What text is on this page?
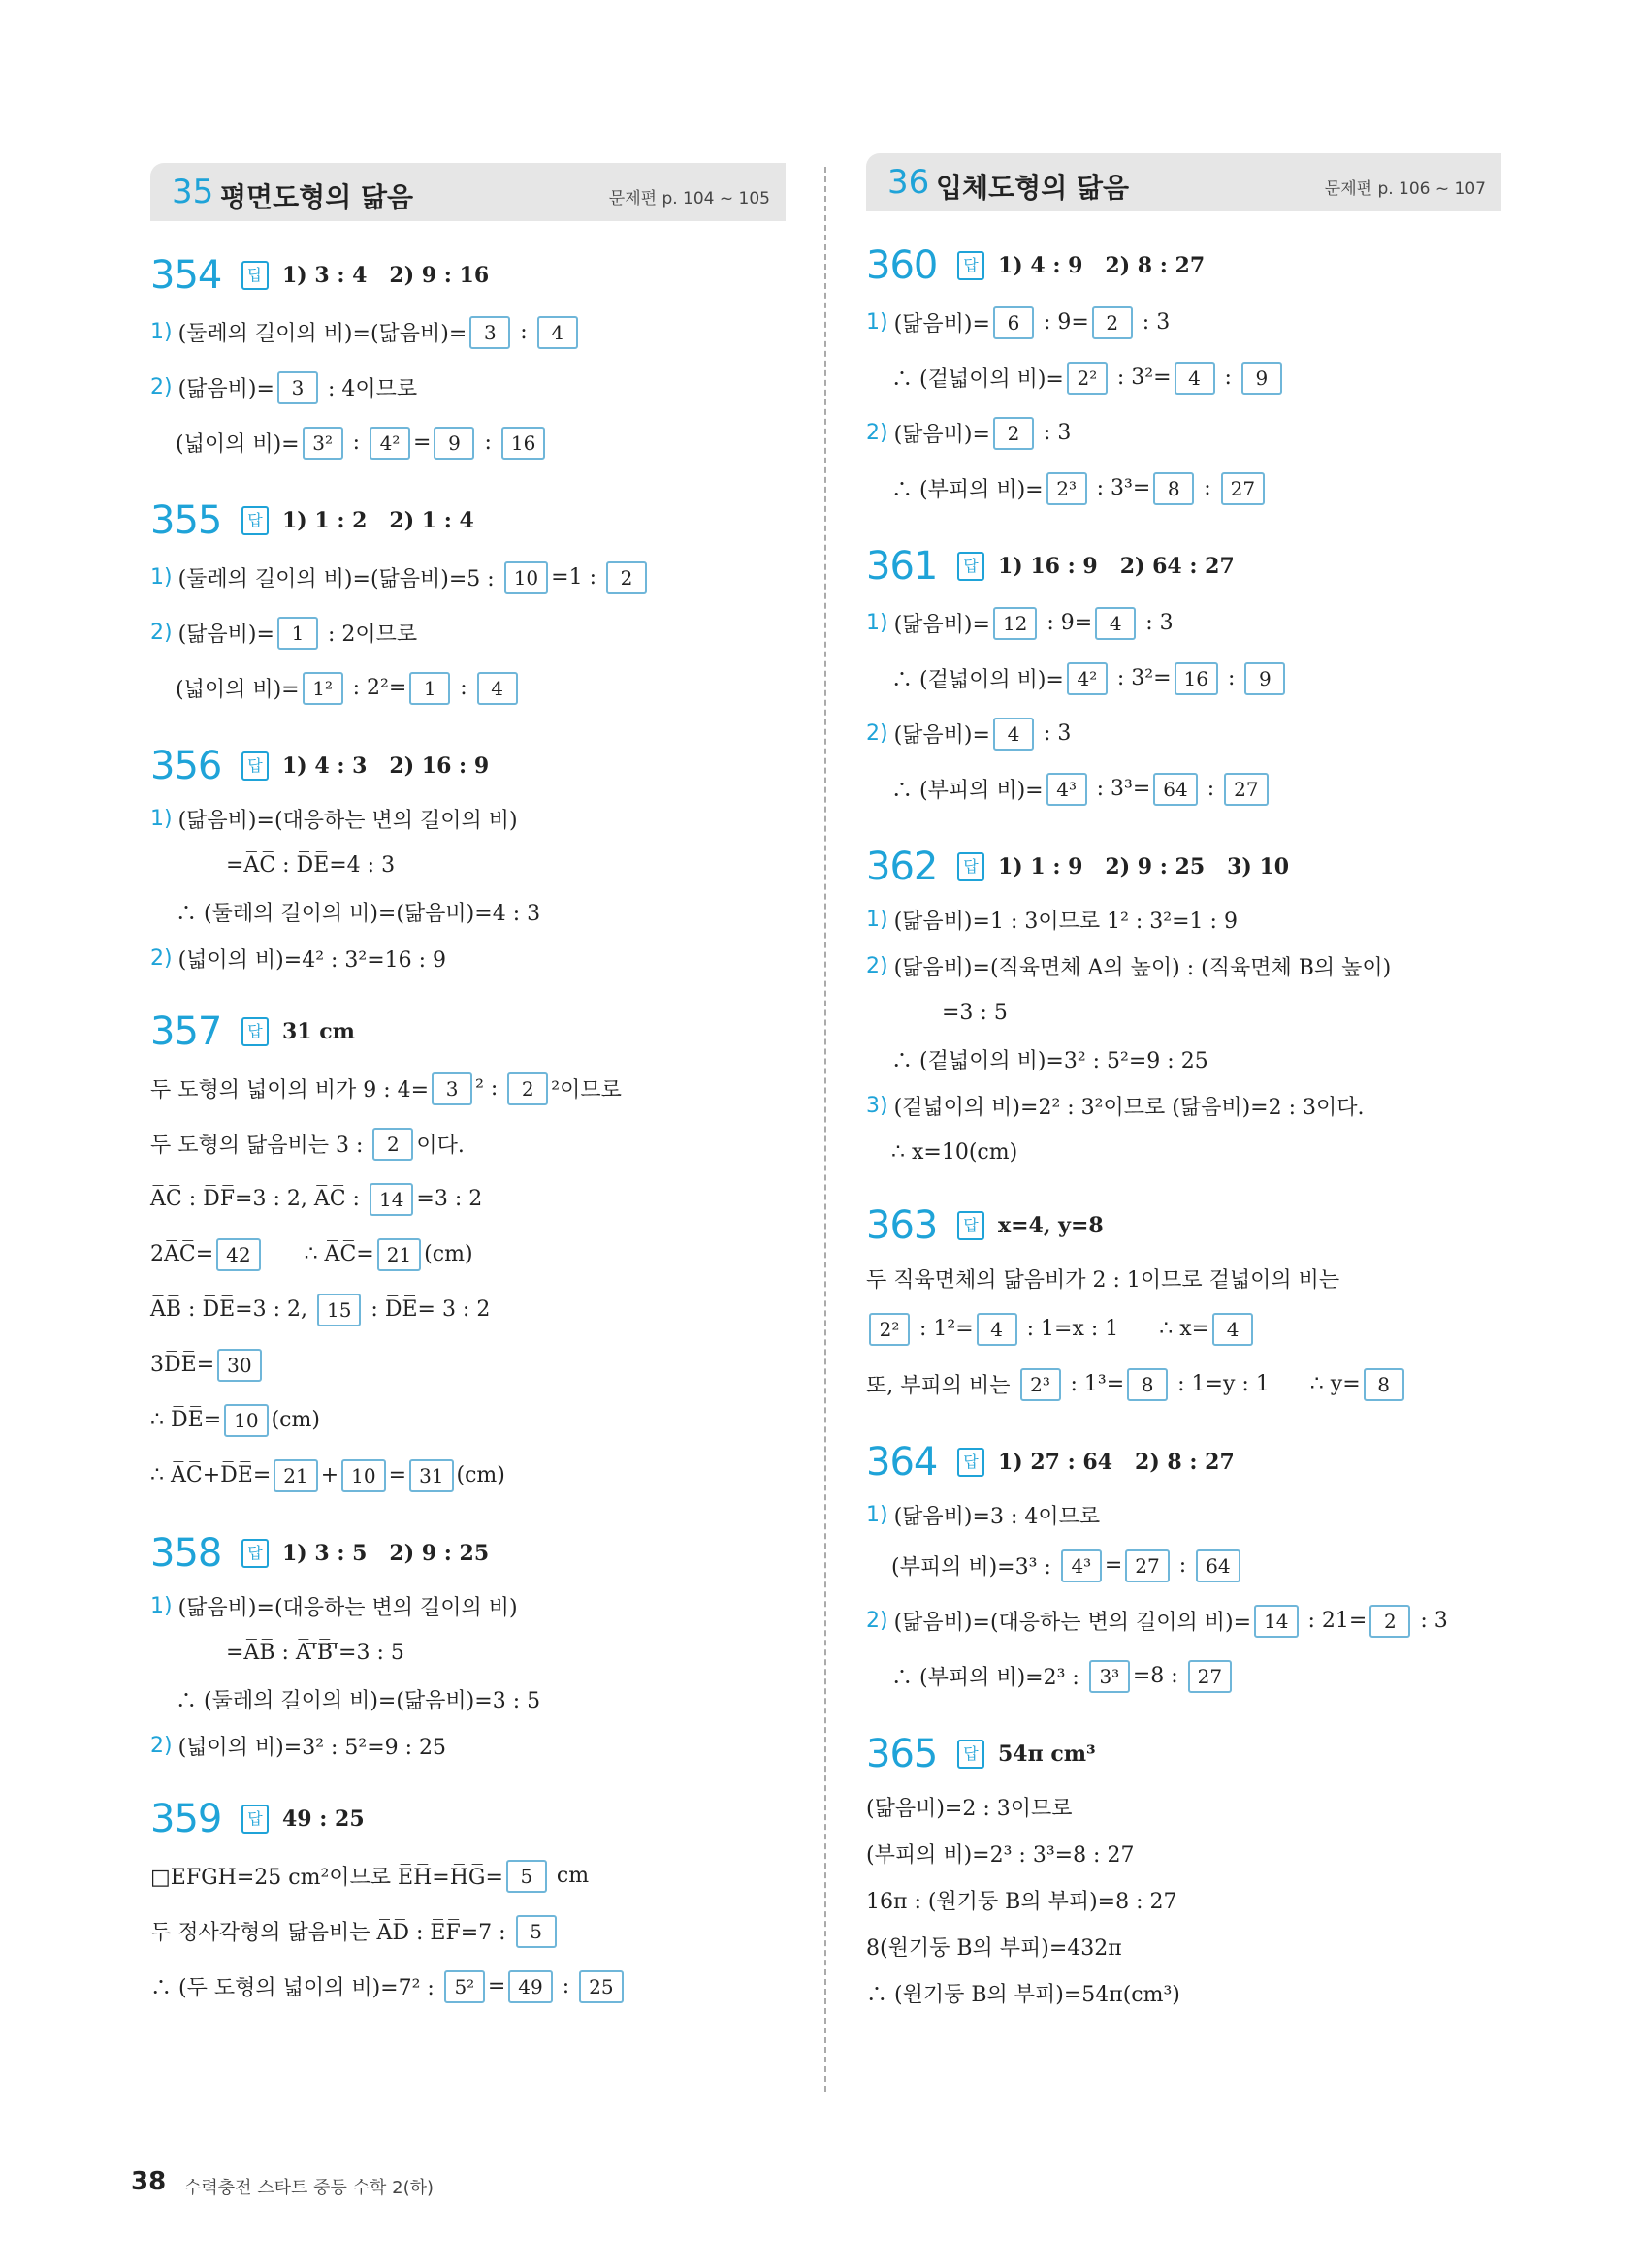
35 평면도형의 닮음	문제편 p. 104 ~ 105
354	답 1) 3 : 4   2) 9 : 16
1) (둘레의 길이의 비)=(닮음비)= 3 : 4
2) (닮음비)= 3 : 4이므로
(넓이의 비)= 3² : 4² = 9 : 16
355	답 1) 1 : 2   2) 1 : 4
1) (둘레의 길이의 비)=(닮음비)=5 : 10 =1 : 2
2) (닮음비)= 1 : 2이므로
(넓이의 비)= 1² : 2²= 1 : 4
356	답 1) 4 : 3   2) 16 : 9
1) (닮음비)=(대응하는 변의 길이의 비)
=A̅C̅ : D̅E̅=4 : 3
∴ (둘레의 길이의 비)=(닮음비)=4 : 3
2) (넓이의 비)=4² : 3²=16 : 9
357	답 31 cm
두 도형의 넓이의 비가 9 : 4= 3 ² : 2 ²이므로
두 도형의 닮음비는 3 : 2 이다.
A̅C̅ : D̅F̅=3 : 2, A̅C̅ : 14 =3 : 2
2A̅C̅= 42 ∴ A̅C̅= 21 (cm)
A̅B̅ : D̅E̅=3 : 2, 15 : D̅E̅= 3 : 2
3D̅E̅= 30
∴ D̅E̅= 10 (cm)
∴ A̅C̅+D̅E̅= 21 + 10 = 31 (cm)
358	답 1) 3 : 5   2) 9 : 25
1) (닮음비)=(대응하는 변의 길이의 비)
=A̅B̅ : A̅'̅B̅'̅=3 : 5
∴ (둘레의 길이의 비)=(닮음비)=3 : 5
2) (넓이의 비)=3² : 5²=9 : 25
359	답 49 : 25
□EFGH=25 cm²이므로 E̅H̅=H̅G̅= 5 cm
두 정사각형의 닮음비는 A̅D̅ : E̅F̅=7 : 5
∴ (두 도형의 넓이의 비)=7² : 5² = 49 : 25
36 입체도형의 닮음	문제편 p. 106 ~ 107
360	답 1) 4 : 9   2) 8 : 27
1) (닮음비)= 6 : 9= 2 : 3
∴ (겉넓이의 비)= 2² : 3²= 4 : 9
2) (닮음비)= 2 : 3
∴ (부피의 비)= 2³ : 3³= 8 : 27
361	답 1) 16 : 9   2) 64 : 27
1) (닮음비)= 12 : 9= 4 : 3
∴ (겉넓이의 비)= 4² : 3²= 16 : 9
2) (닮음비)= 4 : 3
∴ (부피의 비)= 4³ : 3³= 64 : 27
362	답 1) 1 : 9   2) 9 : 25   3) 10
1) (닮음비)=1 : 3이므로 1² : 3²=1 : 9
2) (닮음비)=(직육면체 A의 높이) : (직육면체 B의 높이)
=3 : 5
∴ (겉넓이의 비)=3² : 5²=9 : 25
3) (겉넓이의 비)=2² : 3²이므로 (닮음비)=2 : 3이다.
∴ x=10(cm)
363	답 x=4, y=8
두 직육면체의 닮음비가 2 : 1이므로 겉넓이의 비는
2² : 1²= 4 : 1=x : 1      ∴ x= 4
또, 부피의 비는 2³ : 1³= 8 : 1=y : 1      ∴ y= 8
364	답 1) 27 : 64   2) 8 : 27
1) (닮음비)=3 : 4이므로
(부피의 비)=3³ : 4³ = 27 : 64
2) (닮음비)=(대응하는 변의 길이의 비)= 14 : 21= 2 : 3
∴ (부피의 비)=2³ : 3³ =8 : 27
365	답 54π cm³
(닮음비)=2 : 3이므로
(부피의 비)=2³ : 3³=8 : 27
16π : (원기둥 B의 부피)=8 : 27
8(원기둥 B의 부피)=432π
∴ (원기둥 B의 부피)=54π(cm³)
38 수력충전 스타트 중등 수학 2(하)
